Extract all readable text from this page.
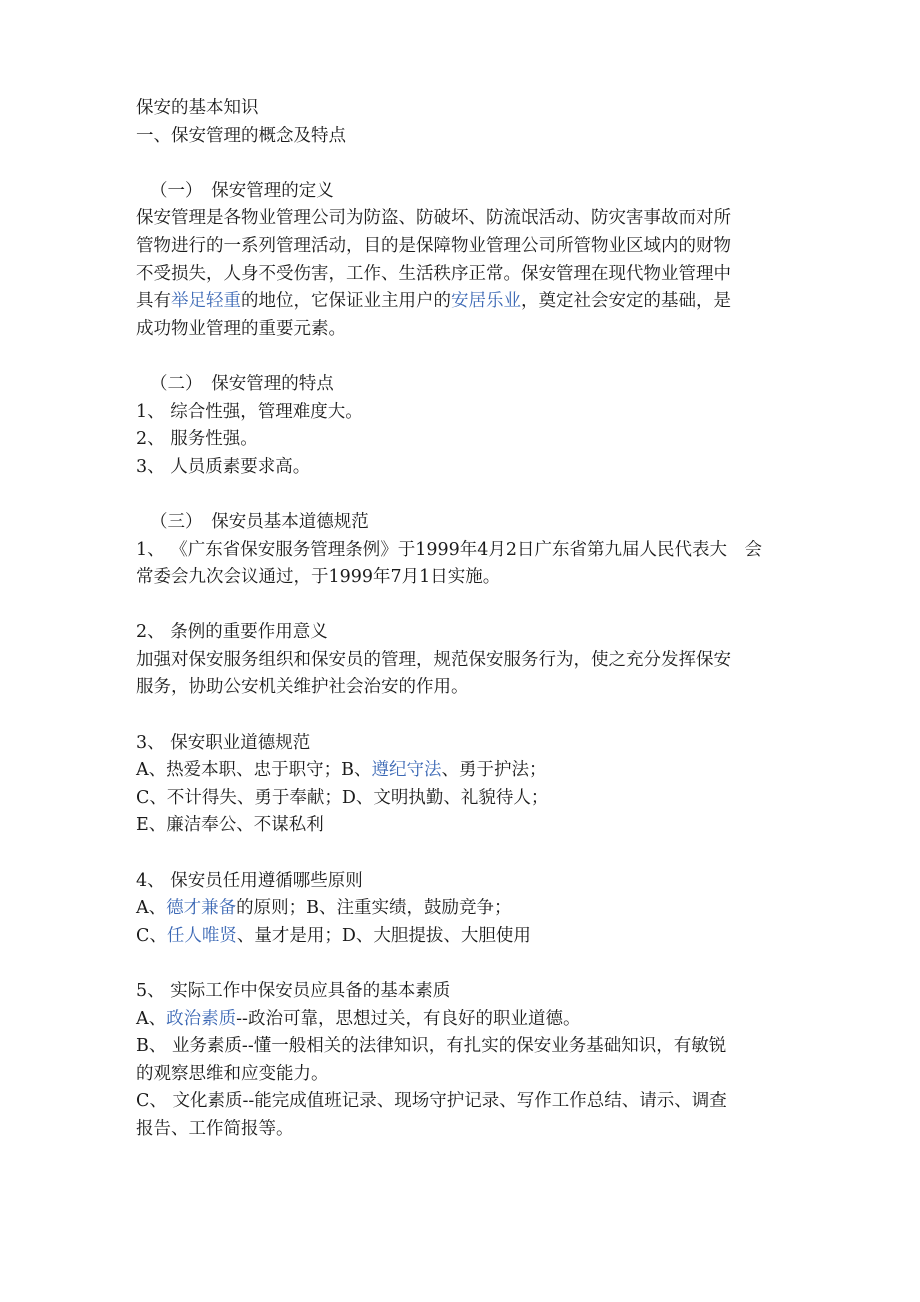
保安的基本知识
一、保安管理的概念及特点
（一）　保安管理的定义
保安管理是各物业管理公司为防盗、防破坏、防流氓活动、防灾害事故而对所
管物进行的一系列管理活动，目的是保障物业管理公司所管物业区域内的财物
不受损失，人身不受伤害，工作、生活秩序正常。保安管理在现代物业管理中
具有举足轻重的地位，它保证业主用户的安居乐业，奠定社会安定的基础，是
成功物业管理的重要元素。
（二）　保安管理的特点
1、 综合性强，管理难度大。
2、 服务性强。
3、 人员质素要求高。
（三）　保安员基本道德规范
1、 《广东省保安服务管理条例》于1999年4月2日广东省第九届人民代表大　会
常委会九次会议通过，于1999年7月1日实施。
2、 条例的重要作用意义
加强对保安服务组织和保安员的管理，规范保安服务行为，使之充分发挥保安
服务，协助公安机关维护社会治安的作用。
3、 保安职业道德规范
A、热爱本职、忠于职守；B、遵纪守法、勇于护法；
C、不计得失、勇于奉献；D、文明执勤、礼貌待人；
E、廉洁奉公、不谋私利
4、 保安员任用遵循哪些原则
A、德才兼备的原则；B、注重实绩，鼓励竞争；
C、任人唯贤、量才是用；D、大胆提拔、大胆使用
5、 实际工作中保安员应具备的基本素质
A、政治素质--政治可靠，思想过关，有良好的职业道德。
B、 业务素质--懂一般相关的法律知识，有扎实的保安业务基础知识，有敏锐
的观察思维和应变能力。
C、 文化素质--能完成值班记录、现场守护记录、写作工作总结、请示、调查
报告、工作简报等。
